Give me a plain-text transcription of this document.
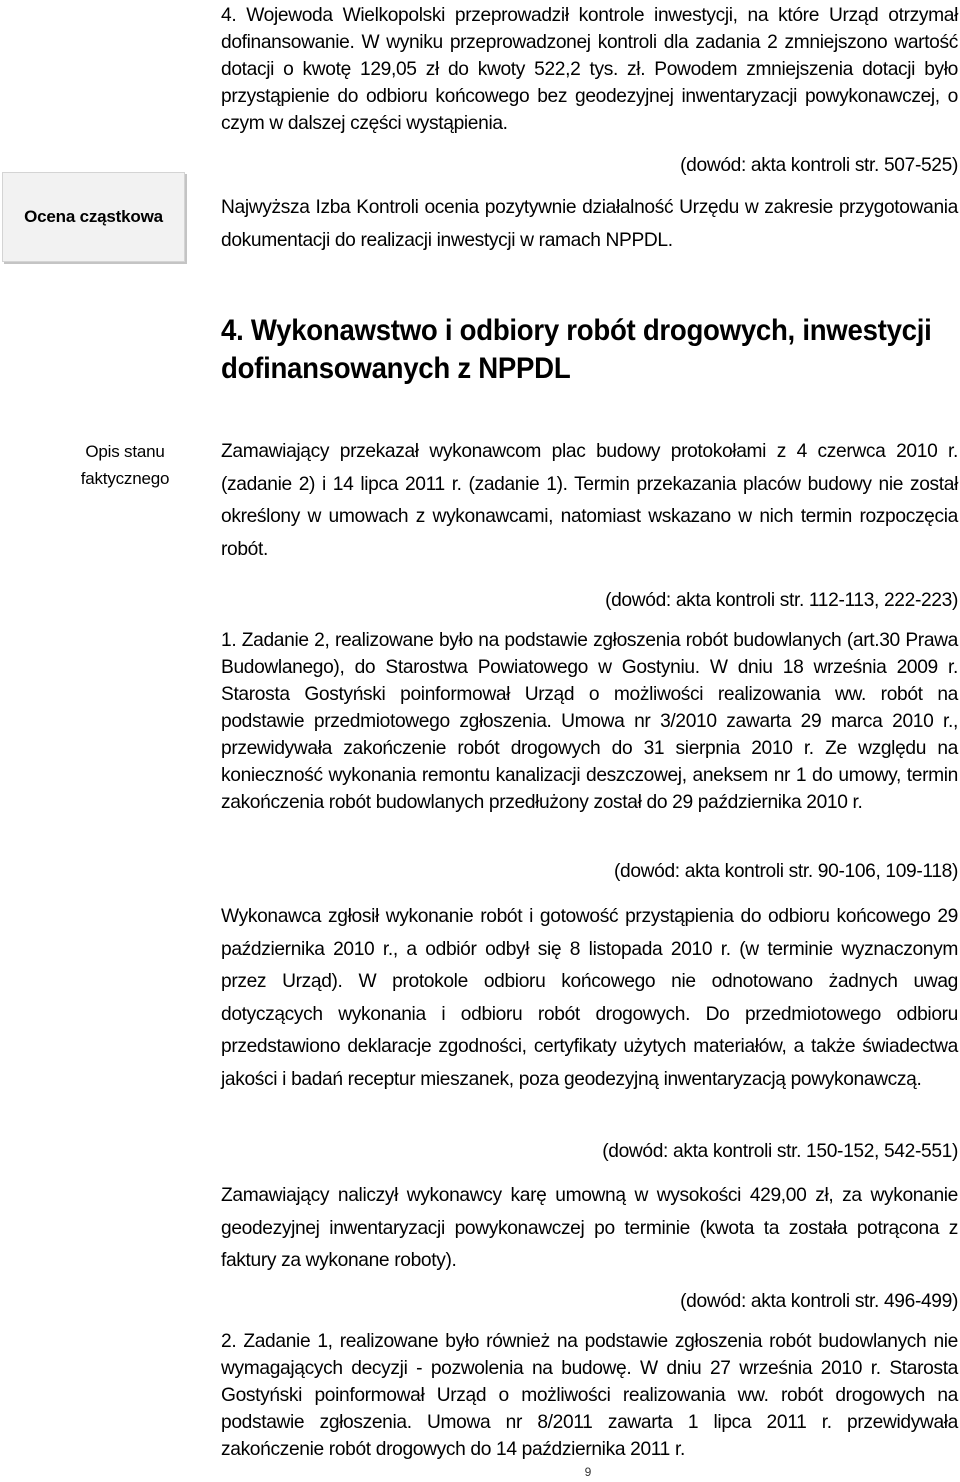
4. Wojewoda Wielkopolski przeprowadził kontrole inwestycji, na które Urząd otrzymał dofinansowanie. W wyniku przeprowadzonej kontroli dla zadania 2 zmniejszono wartość dotacji o kwotę 129,05 zł do kwoty 522,2 tys. zł. Powodem zmniejszenia dotacji było przystąpienie do odbioru końcowego bez geodezyjnej inwentaryzacji powykonawczej, o czym w dalszej części wystąpienia.
(dowód: akta kontroli str. 507-525)
Ocena cząstkowa	Najwyższa Izba Kontroli ocenia pozytywnie działalność Urzędu w zakresie przygotowania dokumentacji do realizacji inwestycji w ramach NPPDL.
4. Wykonawstwo i odbiory robót drogowych, inwestycji dofinansowanych z NPPDL
Opis stanu faktycznego
Zamawiający przekazał wykonawcom plac budowy protokołami z 4 czerwca 2010 r. (zadanie 2) i 14 lipca 2011 r. (zadanie 1). Termin przekazania placów budowy nie został określony w umowach z wykonawcami, natomiast wskazano w nich termin rozpoczęcia robót.
(dowód: akta kontroli str. 112-113, 222-223)
1. Zadanie 2, realizowane było na podstawie zgłoszenia robót budowlanych (art.30 Prawa Budowlanego), do Starostwa Powiatowego w Gostyniu. W dniu 18 września 2009 r. Starosta Gostyński poinformował Urząd o możliwości realizowania ww. robót na podstawie przedmiotowego zgłoszenia. Umowa nr 3/2010 zawarta 29 marca 2010 r., przewidywała zakończenie robót drogowych do 31 sierpnia 2010 r. Ze względu na konieczność wykonania remontu kanalizacji deszczowej, aneksem nr 1 do umowy, termin zakończenia robót budowlanych przedłużony został do 29 października 2010 r.
(dowód: akta kontroli str. 90-106, 109-118)
Wykonawca zgłosił wykonanie robót i gotowość przystąpienia do odbioru końcowego 29 października 2010 r., a odbiór odbył się 8 listopada 2010 r. (w terminie wyznaczonym przez Urząd). W protokole odbioru końcowego nie odnotowano żadnych uwag dotyczących wykonania i odbioru robót drogowych. Do przedmiotowego odbioru przedstawiono deklaracje zgodności, certyfikaty użytych materiałów, a także świadectwa jakości i badań receptur mieszanek, poza geodezyjną inwentaryzacją powykonawczą.
(dowód: akta kontroli str. 150-152, 542-551)
Zamawiający naliczył wykonawcy karę umowną w wysokości 429,00 zł, za wykonanie geodezyjnej inwentaryzacji powykonawczej po terminie (kwota ta została potrącona z faktury za wykonane roboty).
(dowód: akta kontroli str. 496-499)
2. Zadanie 1, realizowane było również na podstawie zgłoszenia robót budowlanych nie wymagających decyzji - pozwolenia na budowę. W dniu 27 września 2010 r. Starosta Gostyński poinformował Urząd o możliwości realizowania ww. robót drogowych na podstawie zgłoszenia. Umowa nr 8/2011 zawarta 1 lipca 2011 r. przewidywała zakończenie robót drogowych do 14 października 2011 r.
9
